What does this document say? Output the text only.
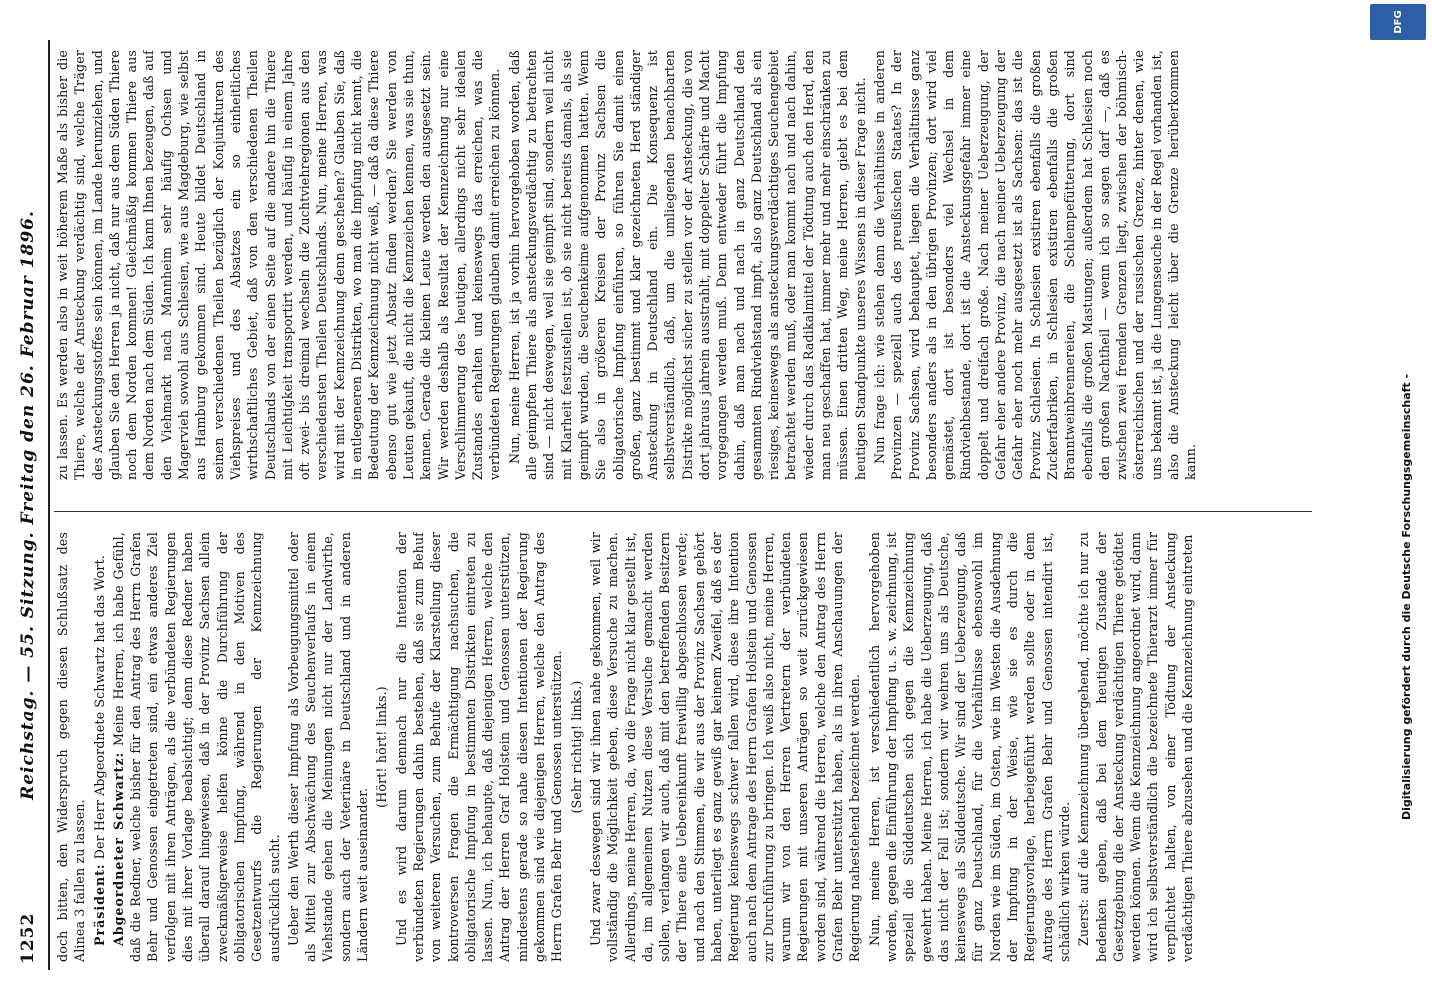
1252
Reichstag. — 55. Sitzung. Freitag den 26. Februar 1896. doch bitten, den Widerspruch gegen diesen Schlußsatz des Alinea 3 fallen zu lassen. Präsident: Der Herr Abgeordnete Schwartz hat das Wort. Abgeordneter Schwartz: Meine Herren, ich habe Gefühl, daß die Redner, welche bisher für den Antrag des Herrn Grafen Behr und Genossen eingetreten sind, ein etwas anderes Ziel verfolgen mit ihren Anträgen, als die verbündeten Regierungen dies mit ihrer Vorlage beabsichtigt; denn diese Redner haben überall darauf hingewiesen, daß in der Provinz Sachsen allein zweckmäßigerweise helfen könne die Durchführung der obligatorischen Impfung, während in den Motiven des Gesetzentwurfs die Regierungen der Kennzeichnung ausdrücklich sucht. Ueber den Werth dieser Impfung als Vorbeugungsmittel oder als Mittel zur Abschwächung des Seuchenverlaufs in einem Viehstande gehen die Meinungen nicht nur der Landwirthe, sondern auch der Veterinäre in Deutschland und in anderen Ländern weit auseinander.

(Hört! hört! links.) Und es wird darum demnach nur die Intention der verbündeten Regierungen dahin bestehen, daß sie zum Behuf von weiteren Versuchen, zum Behufe der Klarstellung dieser kontroversen Fragen die Ermächtigung nachsuchen, die obligatorische Impfung in bestimmten Distrikten eintreten zu lassen. Nun, ich behaupte, daß diejenigen Herren, welche den Antrag der Herren Graf Holstein und Genossen unterstützen, mindestens gerade so nahe diesen Intentionen der Regierung gekommen sind wie diejenigen Herren, welche den Antrag des Herrn Grafen Behr und Genossen unterstützen. (Sehr richtig! links.) Und zwar deswegen sind wir ihnen nahe gekommen, weil wir vollständig die Möglichkeit geben, diese Versuche zu machen. Allerdings, meine Herren, da, wo die Frage nicht klar gestellt ist, da, im allgemeinen Nutzen diese Versuche gemacht werden sollen, verlangen wir auch, daß mit den betreffenden Besitzern der Thiere eine Uebereinkunft freiwillig abgeschlossen werde; und nach den Stimmen, die wir aus der Provinz Sachsen gehört haben, unterliegt es ganz gewiß gar keinem Zweifel, daß es der Regierung keineswegs schwer fallen wird, diese ihre Intention auch nach dem Antrage des Herrn Grafen Holstein und Genossen zur Durchführung zu bringen. Ich weiß also nicht, meine Herren, warum wir von den Herren Vertretern der verbündeten Regierungen mit unseren Anträgen so weit zurückgewiesen worden sind, während die Herren, welche den Antrag des Herrn Grafen Behr unterstützt haben, als in ihren Anschauungen der Regierung nahestehend bezeichnet werden. Nun, meine Herren, ist verschiedentlich hervorgehoben worden, gegen die Einführung der Impfung u. s. w. zeichnung, ist speziell die Süddeutschen sich gegen die Kennzeichnung gewehrt haben. Meine Herren, ich habe die Ueberzeugung, daß das nicht der Fall ist; sondern wir wehren uns als Deutsche, keineswegs als Süddeutsche. Wir sind der Ueberzeugung, daß für ganz Deutschland, für die Verhältnisse ebensowohl im Norden wie im Süden, im Osten, wie im Westen die Ausdehnung der Impfung in der Weise, wie sie es durch die Regierungsvorlage, herbeigeführt werden sollte oder in dem Antrage des Herrn Grafen Behr und Genossen intendirt ist, schädlich wirken würde. Zuerst: auf die Kennzeichnung übergehend, möchte ich nur zu bedenken geben, daß bei dem heutigen Zustande der Gesetzgebung die der Ansteckung verdächtigen Thiere getödtet werden können. Wenn die Kennzeichnung angeordnet wird, dann wird ich selbstverständlich die bezeichnete Thierarzt immer für verpflichtet halten, von einer Tödtung der Ansteckung verdächtigen Thiere abzusehen und die Kennzeichnung eintreten

zu lassen. Es werden also in weit höherem Maße als bisher die Thiere, welche der Ansteckung verdächtig sind, welche Träger des Ansteckungsstoffes sein können, im Lande herumziehen, und glauben Sie den Herren ja nicht, daß nur aus dem Süden Thiere noch dem Norden kommen! Gleichmäßig kommen Thiere aus dem Norden nach dem Süden. Ich kann Ihnen bezeugen, daß auf den Viehmarkt nach Mannheim sehr häufig Ochsen und Magervieh sowohl aus Schlesien, wie aus Magdeburg, wie selbst aus Hamburg gekommen sind. Heute bildet Deutschland in seinen verschiedenen Theilen bezüglich der Konjunkturen des Viehspreises und des Absatzes ein so einheitliches wirthschaftliches Gebiet, daß von den verschiedenen Theilen Deutschlands von der einen Seite auf die andere hin die Thiere mit Leichtigkeit transportirt werden, und häufig in einem Jahre oft zwei- bis dreimal wechseln die Zuchtviehregionen aus den verschiedensten Theilen Deutschlands. Nun, meine Herren, was wird mit der Kennzeichnung denn geschehen? Glauben Sie, daß in entlegeneren Distrikten, wo man die Impfung nicht kennt, die Bedeutung der Kennzeichnung nicht weiß, — daß da diese Thiere ebenso gut wie jetzt Absatz finden werden? Sie werden von Leuten gekauft, die nicht die Kennzeichen kennen, was sie thun, kennen. Gerade die kleinen Leute werden den ausgesetzt sein. Wir werden deshalb als Resultat der Kennzeichnung nur eine Verschlimmerung des heutigen, allerdings nicht sehr idealen Zustandes erhalten und keineswegs das erreichen, was die verbündeten Regierungen glauben damit erreichen zu können. Nun, meine Herren, ist ja vorhin hervorgehoben worden, daß alle geimpften Thiere als ansteckungsverdächtig zu betrachten sind — nicht deswegen, weil sie geimpft sind, sondern weil nicht mit Klarheit festzustellen ist, ob sie nicht bereits damals, als sie geimpft wurden, die Seuchenkeime aufgenommen hatten. Wenn Sie also in größeren Kreisen der Provinz Sachsen die obligatorische Impfung einführen, so führen Sie damit einen großen, ganz bestimmt und klar gezeichneten Herd ständiger Ansteckung in Deutschland ein. Die Konsequenz ist selbstverständlich, daß, um die umliegenden benachbarten Distrikte möglichst sicher zu stellen vor der Ansteckung, die von dort jahraus jahrein ausstrahlt, mit doppelter Schärfe und Macht vorgegangen werden muß. Denn entweder führt die Impfung dahin, daß man nach und nach in ganz Deutschland den gesammten Rindviehstand impft, also ganz Deutschland als ein riesiges, keineswegs als ansteckungsverdächtiges Seuchengebiet betrachtet werden muß, oder man kommt nach und nach dahin, wieder durch das Radikalmittel der Tödtung auch den Herd, den man neu geschaffen hat, immer mehr und mehr einschränken zu müssen. Einen dritten Weg, meine Herren, giebt es bei dem heutigen Standpunkte unseres Wissens in dieser Frage nicht. Nun frage ich: wie stehen denn die Verhältnisse in anderen Provinzen — speziell auch des preußischen Staates? In der Provinz Sachsen, wird behauptet, liegen die Verhältnisse ganz besonders anders als in den übrigen Provinzen; dort wird viel gemästet, dort ist besonders viel Wechsel in dem Rindviehbestande, dort ist die Ansteckungsgefahr immer eine doppelt und dreifach große. Nach meiner Ueberzeugung, der Gefahr eher andere Provinz, die nach meiner Ueberzeugung der Gefahr eher noch mehr ausgesetzt ist als Sachsen: das ist die Provinz Schlesien. In Schlesien existiren ebenfalls die großen Zuckerfabriken, in Schlesien existiren ebenfalls die großen Branntweinbrennereien, die Schlempefütterung, dort sind ebenfalls die großen Mastungen; außerdem hat Schlesien noch den großen Nachtheil — wenn ich so sagen darf —, daß es zwischen zwei fremden Grenzen liegt, zwischen der böhmisch-österreichischen und der russischen Grenze, hinter denen, wie uns bekannt ist, ja die Lungenseuche in der Regel vorhanden ist, also die Ansteckung leicht über die Grenze herüberkommen kann.	Digitalisierung gefördert durch die Deutsche Forschungsgemeinschaft -
DFG
